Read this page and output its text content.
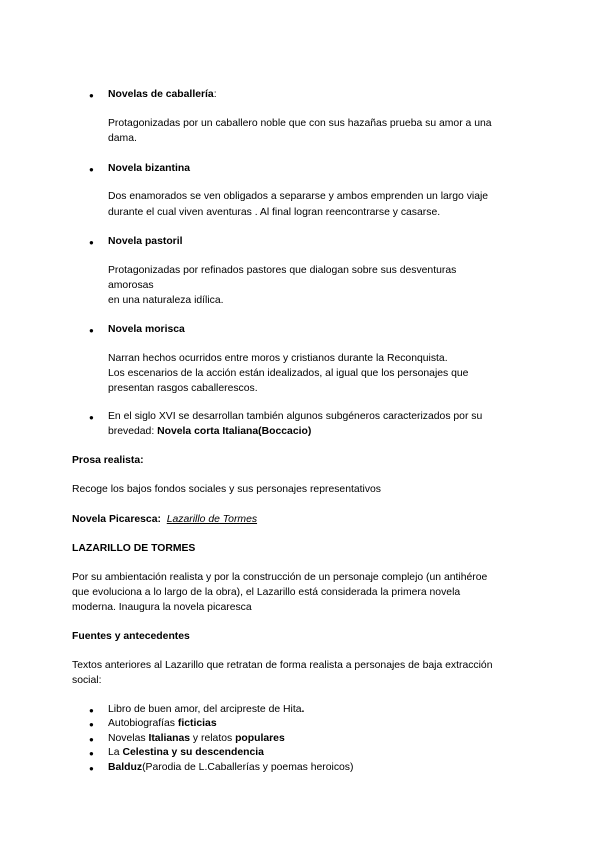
● Novelas de caballería:
Protagonizadas por un caballero noble que con sus hazañas prueba su amor a una
dama.
● Novela bizantina
Dos enamorados se ven obligados a separarse y ambos emprenden un largo viaje
durante el cual viven aventuras . Al final logran reencontrarse y casarse.
● Novela pastoril
Protagonizadas por refinados pastores que dialogan sobre sus desventuras
amorosas
en una naturaleza idílica.
● Novela morisca
Narran hechos ocurridos entre moros y cristianos durante la Reconquista.
Los escenarios de la acción están idealizados, al igual que los personajes que
presentan rasgos caballerescos.
● En el siglo XVI se desarrollan también algunos subgéneros caracterizados por su
brevedad: Novela corta Italiana(Boccacio)
Prosa realista:
Recoge los bajos fondos sociales y sus personajes representativos
Novela Picaresca: Lazarillo de Tormes
LAZARILLO DE TORMES
Por su ambientación realista y por la construcción de un personaje complejo (un antihéroe
que evoluciona a lo largo de la obra), el Lazarillo está considerada la primera novela
moderna. Inaugura la novela picaresca
Fuentes y antecedentes
Textos anteriores al Lazarillo que retratan de forma realista a personajes de baja extracción
social:
● Libro de buen amor, del arcipreste de Hita.
● Autobiografías ficticias
● Novelas Italianas y relatos populares
● La Celestina y su descendencia
● Balduz(Parodia de L.Caballerías y poemas heroicos)
